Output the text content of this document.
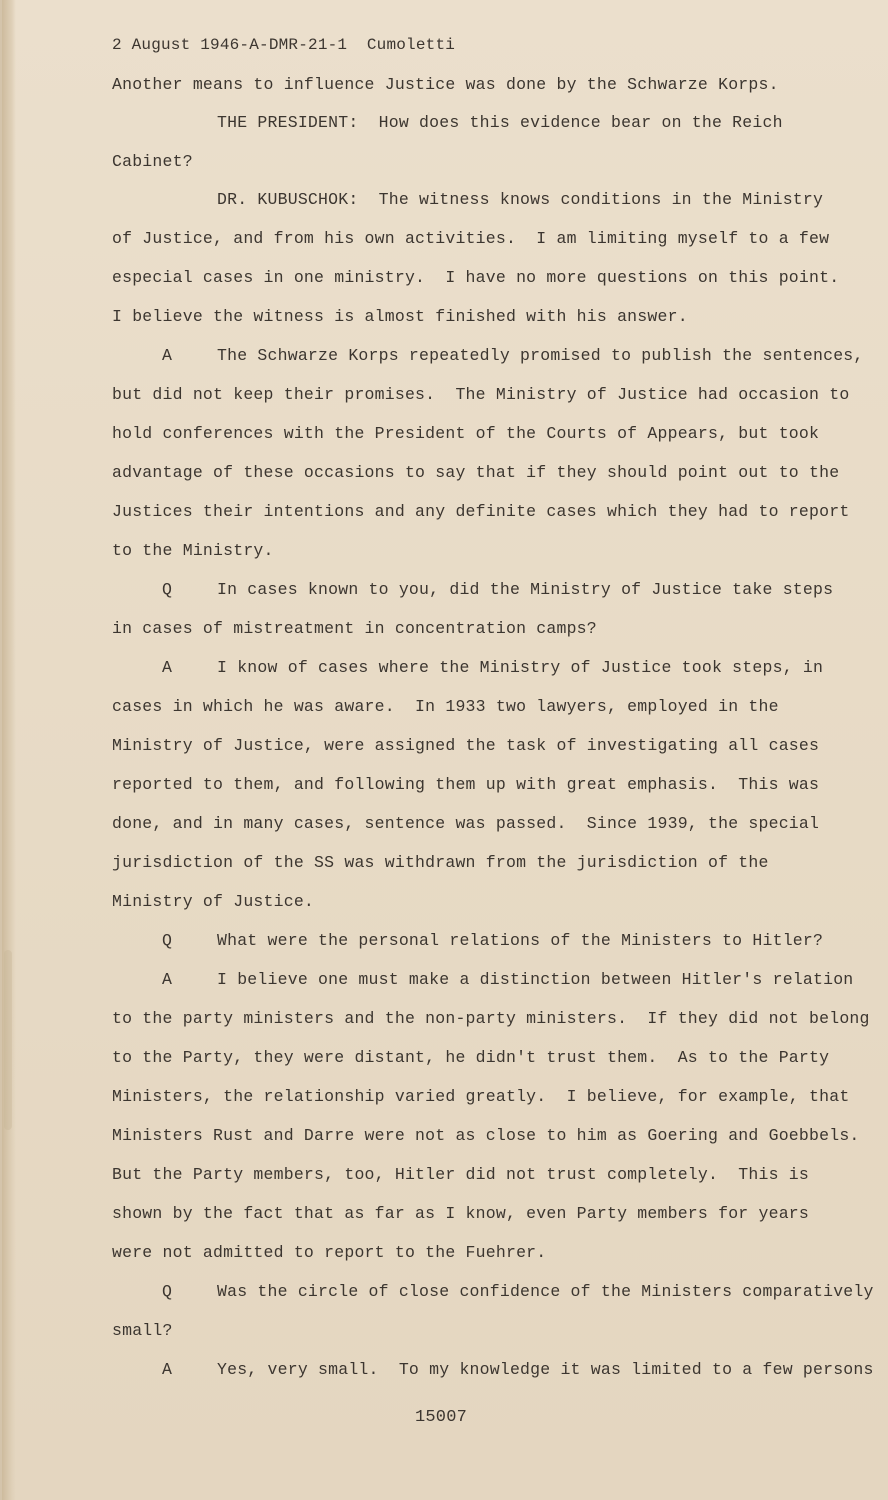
2 August 1946-A-DMR-21-1  Cumoletti
Another means to influence Justice was done by the Schwarze Korps.
THE PRESIDENT:  How does this evidence bear on the Reich
Cabinet?
DR. KUBUSCHOK:  The witness knows conditions in the Ministry
of Justice, and from his own activities.  I am limiting myself to a few
especial cases in one ministry.  I have no more questions on this point.
I believe the witness is almost finished with his answer.
A	The Schwarze Korps repeatedly promised to publish the sentences,
but did not keep their promises.  The Ministry of Justice had occasion to
hold conferences with the President of the Courts of Appears, but took
advantage of these occasions to say that if they should point out to the
Justices their intentions and any definite cases which they had to report
to the Ministry.
Q	In cases known to you, did the Ministry of Justice take steps
in cases of mistreatment in concentration camps?
A	I know of cases where the Ministry of Justice took steps, in
cases in which he was aware.  In 1933 two lawyers, employed in the
Ministry of Justice, were assigned the task of investigating all cases
reported to them, and following them up with great emphasis.  This was
done, and in many cases, sentence was passed.  Since 1939, the special
jurisdiction of the SS was withdrawn from the jurisdiction of the
Ministry of Justice.
Q	What were the personal relations of the Ministers to Hitler?
A	I believe one must make a distinction between Hitler's relation
to the party ministers and the non-party ministers.  If they did not belong
to the Party, they were distant, he didn't trust them.  As to the Party
Ministers, the relationship varied greatly.  I believe, for example, that
Ministers Rust and Darre were not as close to him as Goering and Goebbels.
But the Party members, too, Hitler did not trust completely.  This is
shown by the fact that as far as I know, even Party members for years
were not admitted to report to the Fuehrer.
Q	Was the circle of close confidence of the Ministers comparatively
small?
A	Yes, very small.  To my knowledge it was limited to a few persons
15007
